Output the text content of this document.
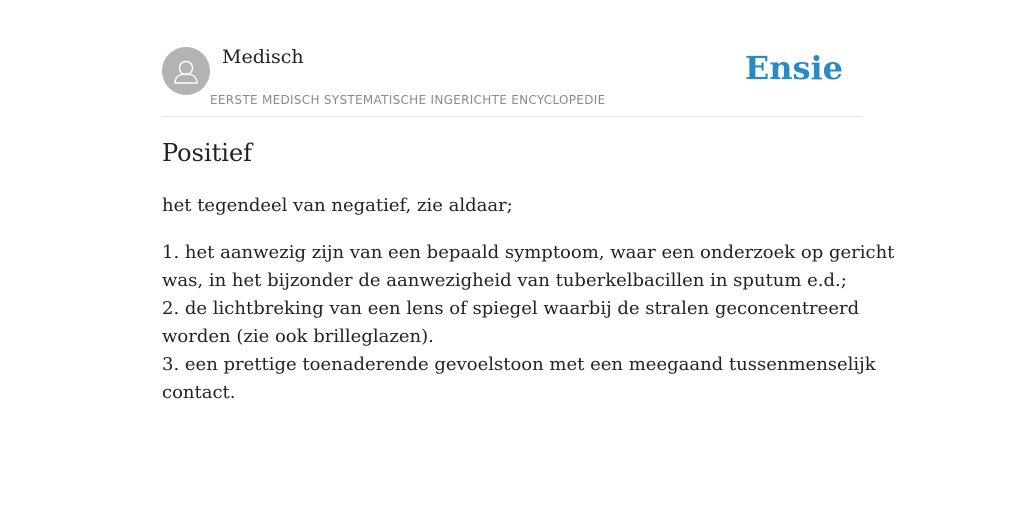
Medisch
EERSTE MEDISCH SYSTEMATISCHE INGERICHTE ENCYCLOPEDIE
Ensie
Positief

het tegendeel van negatief, zie aldaar;

1. het aanwezig zijn van een bepaald symptoom, waar een onderzoek op gericht
was, in het bijzonder de aanwezigheid van tuberkelbacillen in sputum e.d.;
2. de lichtbreking van een lens of spiegel waarbij de stralen geconcentreerd
worden (zie ook brilleglazen).
3. een prettige toenaderende gevoelstoon met een meegaand tussenmenselijk
contact.
